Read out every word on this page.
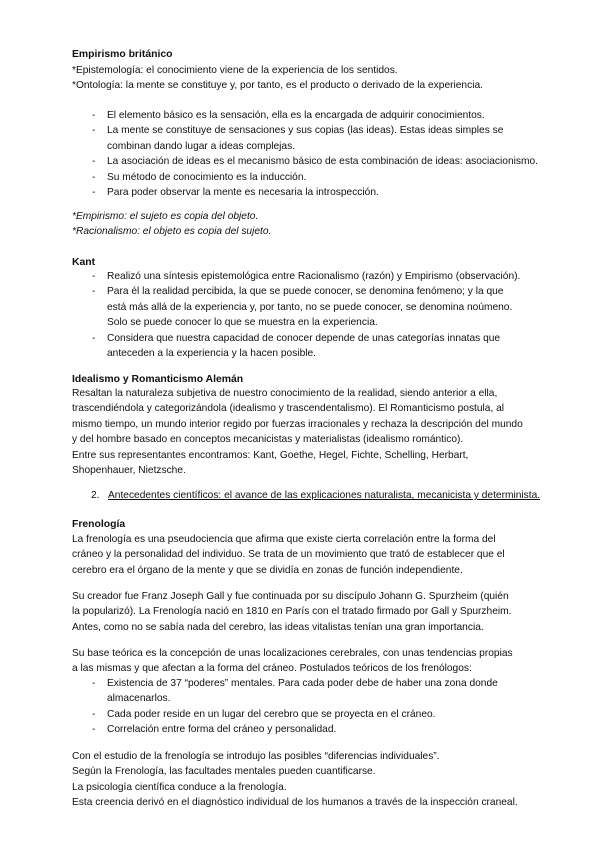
Empirismo británico
*Epistemología: el conocimiento viene de la experiencia de los sentidos.
*Ontología: la mente se constituye y, por tanto, es el producto o derivado de la experiencia.
- El elemento básico es la sensación, ella es la encargada de adquirir conocimientos.
- La mente se constituye de sensaciones y sus copias (las ideas). Estas ideas simples se
combinan dando lugar a ideas complejas.
- La asociación de ideas es el mecanismo básico de esta combinación de ideas: asociacionismo.
- Su método de conocimiento es la inducción.
- Para poder observar la mente es necesaria la introspección.
*Empirismo: el sujeto es copia del objeto.
*Racionalismo: el objeto es copia del sujeto.
Kant
- Realizó una síntesis epistemológica entre Racionalismo (razón) y Empirismo (observación).
- Para él la realidad percibida, la que se puede conocer, se denomina fenómeno; y la que
está más allá de la experiencia y, por tanto, no se puede conocer, se denomina noúmeno.
Solo se puede conocer lo que se muestra en la experiencia.
- Considera que nuestra capacidad de conocer depende de unas categorías innatas que
anteceden a la experiencia y la hacen posible.
Idealismo y Romanticismo Alemán
Resaltan la naturaleza subjetiva de nuestro conocimiento de la realidad, siendo anterior a ella,
trascendiéndola y categorizándola (idealismo y trascendentalismo). El Romanticismo postula, al
mismo tiempo, un mundo interior regido por fuerzas irracionales y rechaza la descripción del mundo
y del hombre basado en conceptos mecanicistas y materialistas (idealismo romántico).
Entre sus representantes encontramos: Kant, Goethe, Hegel, Fichte, Schelling, Herbart,
Shopenhauer, Nietzsche.
2. Antecedentes científicos: el avance de las explicaciones naturalista, mecanicista y determinista.
Frenología
La frenología es una pseudociencia que afirma que existe cierta correlación entre la forma del
cráneo y la personalidad del individuo. Se trata de un movimiento que trató de establecer que el
cerebro era el órgano de la mente y que se dividía en zonas de función independiente.
Su creador fue Franz Joseph Gall y fue continuada por su discípulo Johann G. Spurzheim (quién
la popularizó). La Frenología nació en 1810 en París con el tratado firmado por Gall y Spurzheim.
Antes, como no se sabía nada del cerebro, las ideas vitalistas tenían una gran importancia.
Su base teórica es la concepción de unas localizaciones cerebrales, con unas tendencias propias
a las mismas y que afectan a la forma del cráneo. Postulados teóricos de los frenólogos:
- Existencia de 37 “poderes” mentales. Para cada poder debe de haber una zona donde
almacenarlos.
- Cada poder reside en un lugar del cerebro que se proyecta en el cráneo.
- Correlación entre forma del cráneo y personalidad.
Con el estudio de la frenología se introdujo las posibles “diferencias individuales”.
Según la Frenología, las facultades mentales pueden cuantificarse.
La psicología científica conduce a la frenología.
Esta creencia derivó en el diagnóstico individual de los humanos a través de la inspección craneal.
